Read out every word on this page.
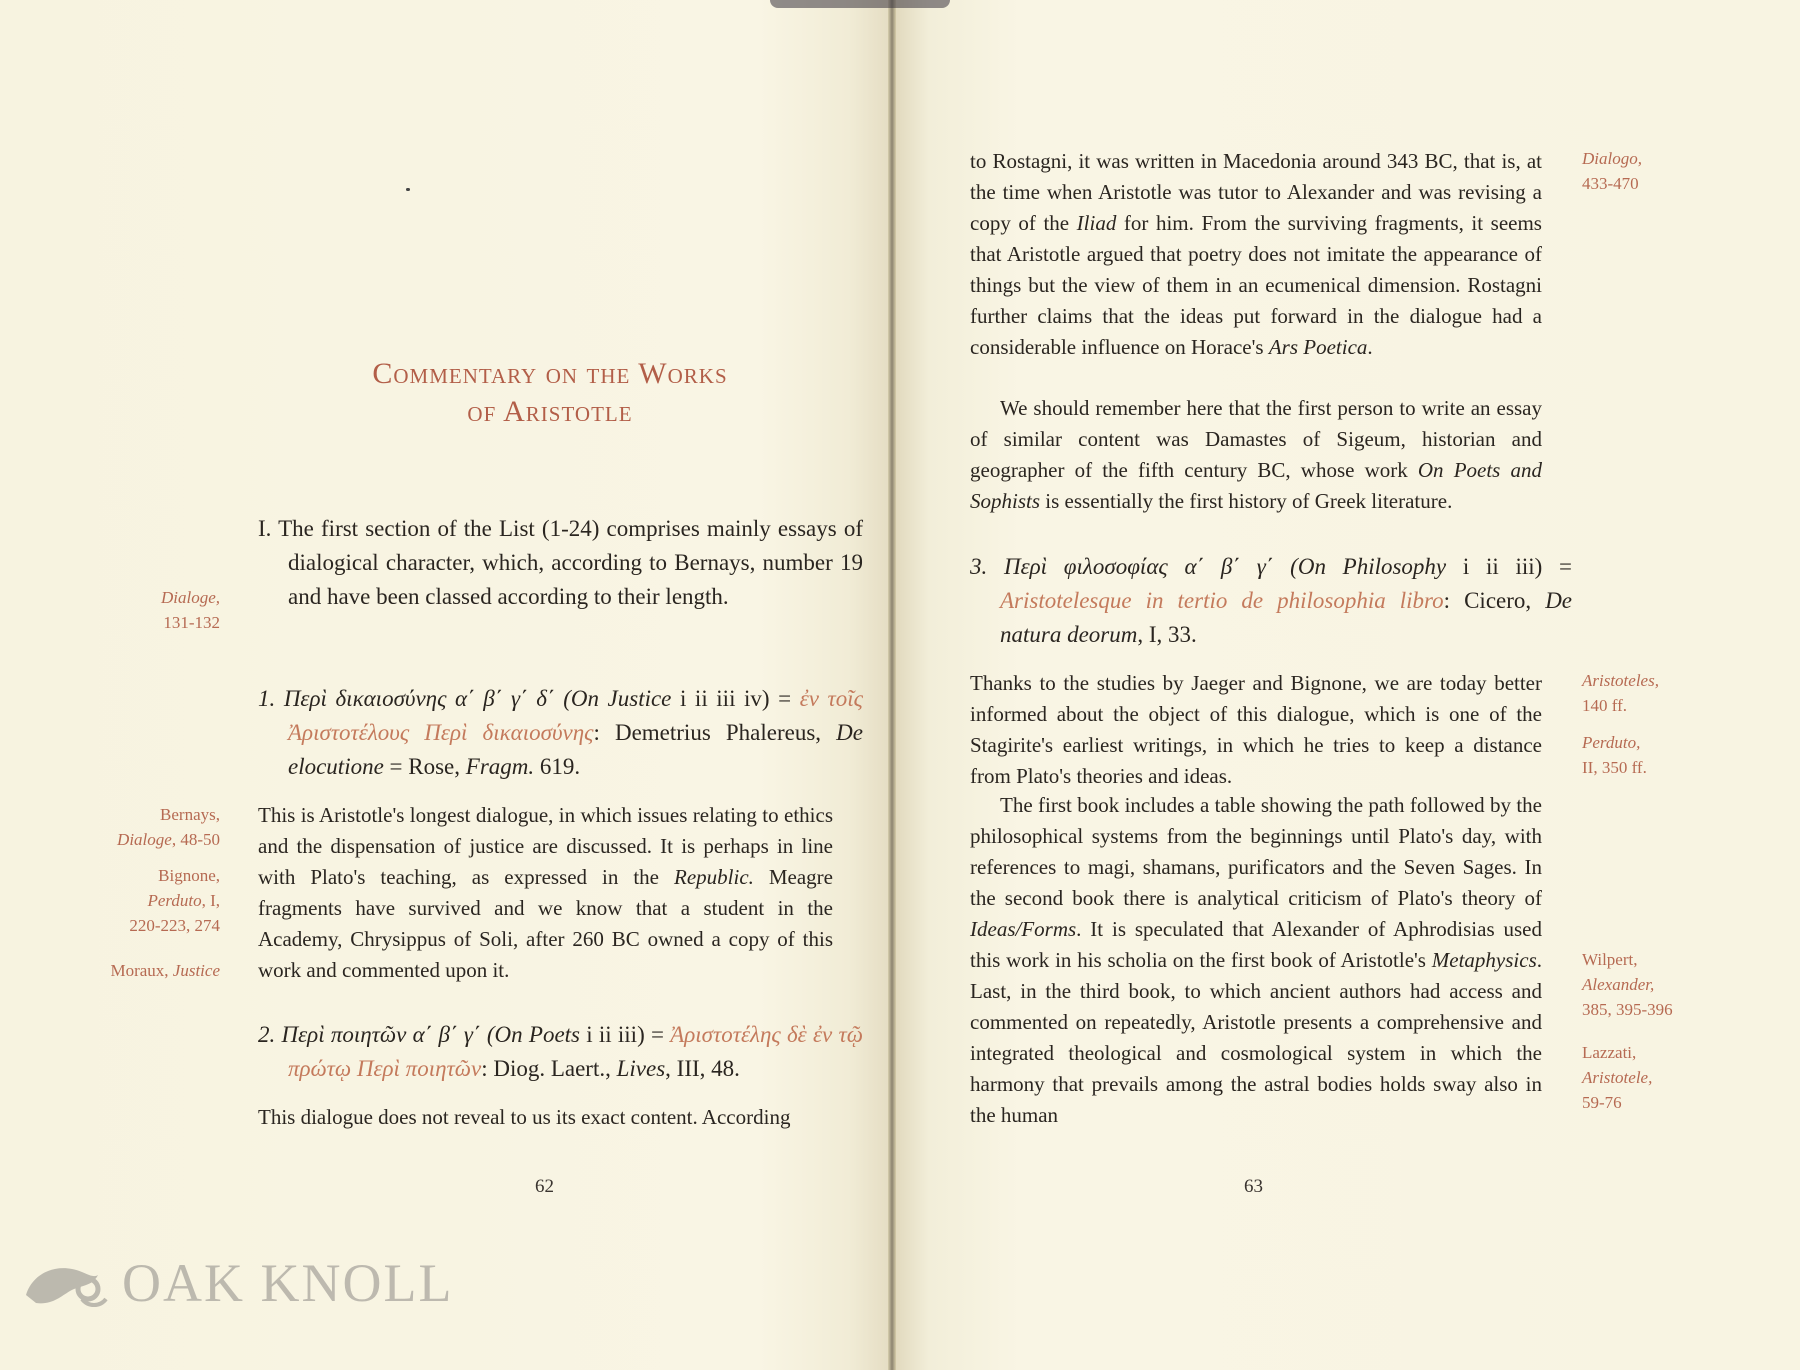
Commentary on the Works
of Aristotle
I. The first section of the List (1-24) comprises mainly essays of dialogical character, which, according to Bernays, number 19 and have been classed according to their length.
Dialoge,
131-132
1. Περὶ δικαιοσύνης α΄ β΄ γ΄ δ΄ (On Justice i ii iii iv) = ἐν τοῖς Ἀριστοτέλους Περὶ δικαιοσύνης: Demetrius Phalereus, De elocutione = Rose, Fragm. 619.
This is Aristotle's longest dialogue, in which issues relating to ethics and the dispensation of justice are discussed. It is perhaps in line with Plato's teaching, as expressed in the Republic. Meagre fragments have survived and we know that a student in the Academy, Chrysippus of Soli, after 260 BC owned a copy of this work and commented upon it.
Bernays,
Dialoge, 48-50
Bignone,
Perduto, I,
220-223, 274
Moraux, Justice
2. Περὶ ποιητῶν α΄ β΄ γ΄ (On Poets i ii iii) = Ἀριστοτέλης δὲ ἐν τῷ πρώτῳ Περὶ ποιητῶν: Diog. Laert., Lives, III, 48.
This dialogue does not reveal to us its exact content. According
62
to Rostagni, it was written in Macedonia around 343 BC, that is, at the time when Aristotle was tutor to Alexander and was revising a copy of the Iliad for him. From the surviving fragments, it seems that Aristotle argued that poetry does not imitate the appearance of things but the view of them in an ecumenical dimension. Rostagni further claims that the ideas put forward in the dialogue had a considerable influence on Horace's Ars Poetica.
We should remember here that the first person to write an essay of similar content was Damastes of Sigeum, historian and geographer of the fifth century BC, whose work On Poets and Sophists is essentially the first history of Greek literature.
Dialogo,
433-470
3. Περὶ φιλοσοφίας α΄ β΄ γ΄ (On Philosophy i ii iii) = Aristotelesque in tertio de philosophia libro: Cicero, De natura deorum, I, 33.
Thanks to the studies by Jaeger and Bignone, we are today better informed about the object of this dialogue, which is one of the Stagirite's earliest writings, in which he tries to keep a distance from Plato's theories and ideas.
The first book includes a table showing the path followed by the philosophical systems from the beginnings until Plato's day, with references to magi, shamans, purificators and the Seven Sages. In the second book there is analytical criticism of Plato's theory of Ideas/Forms. It is speculated that Alexander of Aphrodisias used this work in his scholia on the first book of Aristotle's Metaphysics. Last, in the third book, to which ancient authors had access and commented on repeatedly, Aristotle presents a comprehensive and integrated theological and cosmological system in which the harmony that prevails among the astral bodies holds sway also in the human
Aristoteles,
140 ff.
Perduto,
II, 350 ff.
Wilpert,
Alexander,
385, 395-396
Lazzati,
Aristotele,
59-76
63
OAK KNOLL
